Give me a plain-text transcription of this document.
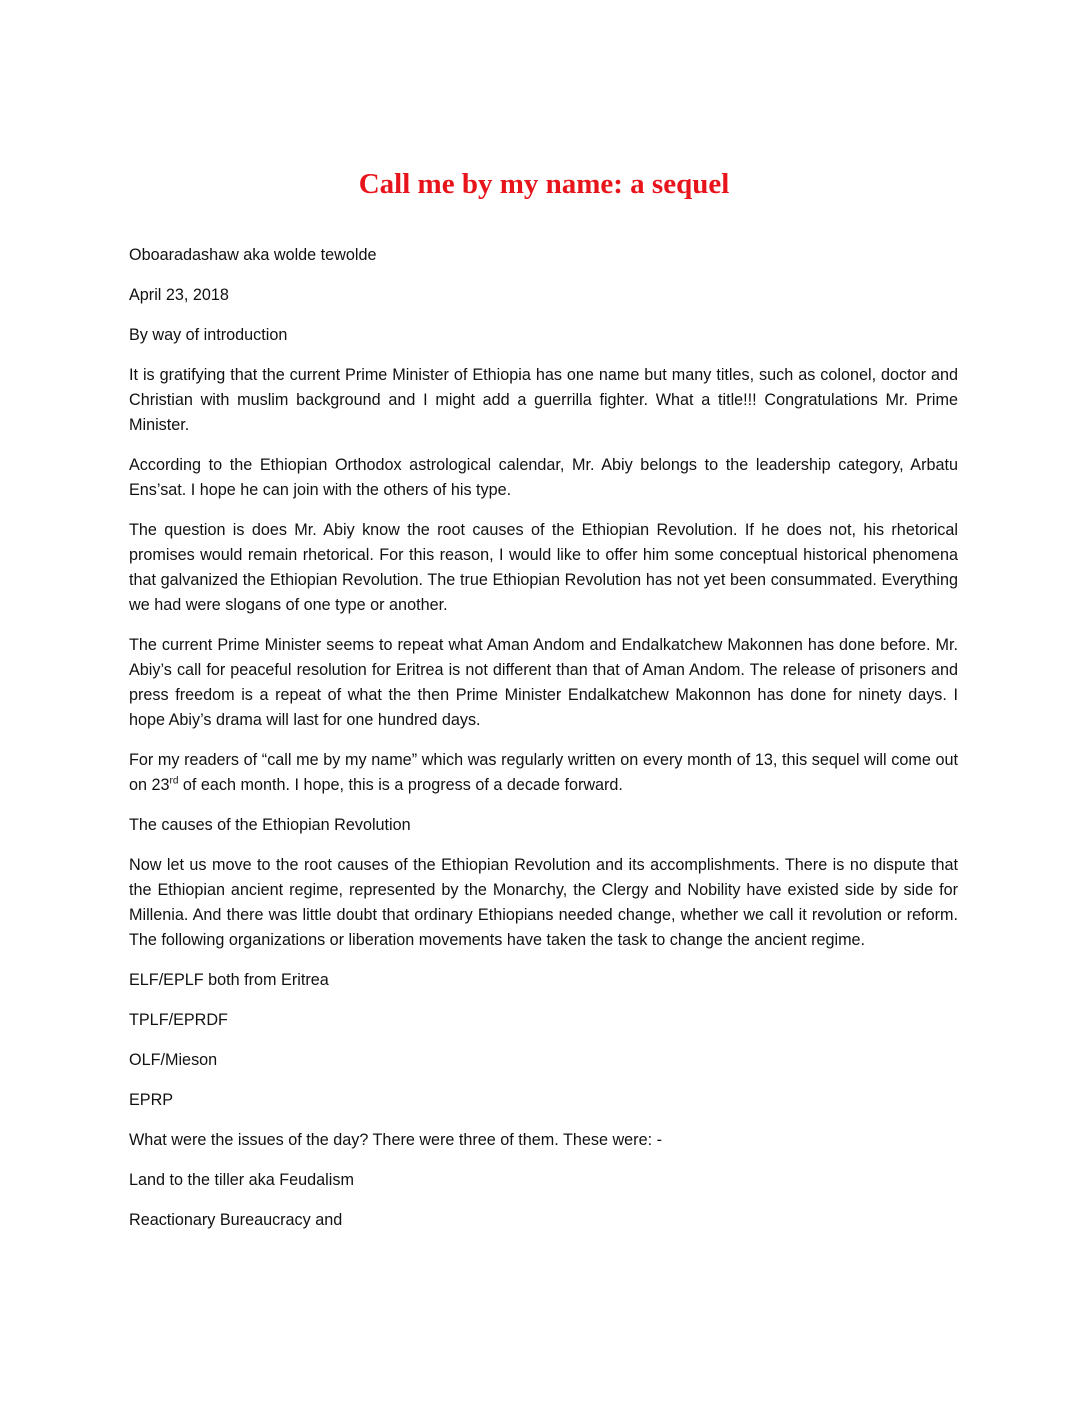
Call me by my name: a sequel

Oboaradashaw aka wolde tewolde

April 23, 2018

By way of introduction

It is gratifying that the current Prime Minister of Ethiopia has one name but many titles, such as colonel, doctor and Christian with muslim background and I might add a guerrilla fighter. What a title!!! Congratulations Mr. Prime Minister.

According to the Ethiopian Orthodox astrological calendar, Mr. Abiy belongs to the leadership category, Arbatu Ens’sat. I hope he can join with the others of his type.

The question is does Mr. Abiy know the root causes of the Ethiopian Revolution. If he does not, his rhetorical promises would remain rhetorical. For this reason, I would like to offer him some conceptual historical phenomena that galvanized the Ethiopian Revolution. The true Ethiopian Revolution has not yet been consummated. Everything we had were slogans of one type or another.

The current Prime Minister seems to repeat what Aman Andom and Endalkatchew Makonnen has done before. Mr. Abiy’s call for peaceful resolution for Eritrea is not different than that of Aman Andom. The release of prisoners and press freedom is a repeat of what the then Prime Minister Endalkatchew Makonnon has done for ninety days. I hope Abiy’s drama will last for one hundred days.

For my readers of “call me by my name” which was regularly written on every month of 13, this sequel will come out on 23rd of each month. I hope, this is a progress of a decade forward.

The causes of the Ethiopian Revolution

Now let us move to the root causes of the Ethiopian Revolution and its accomplishments. There is no dispute that the Ethiopian ancient regime, represented by the Monarchy, the Clergy and Nobility have existed side by side for Millenia. And there was little doubt that ordinary Ethiopians needed change, whether we call it revolution or reform. The following organizations or liberation movements have taken the task to change the ancient regime.

ELF/EPLF both from Eritrea

TPLF/EPRDF

OLF/Mieson

EPRP

What were the issues of the day? There were three of them. These were: -

Land to the tiller aka Feudalism

Reactionary Bureaucracy and
